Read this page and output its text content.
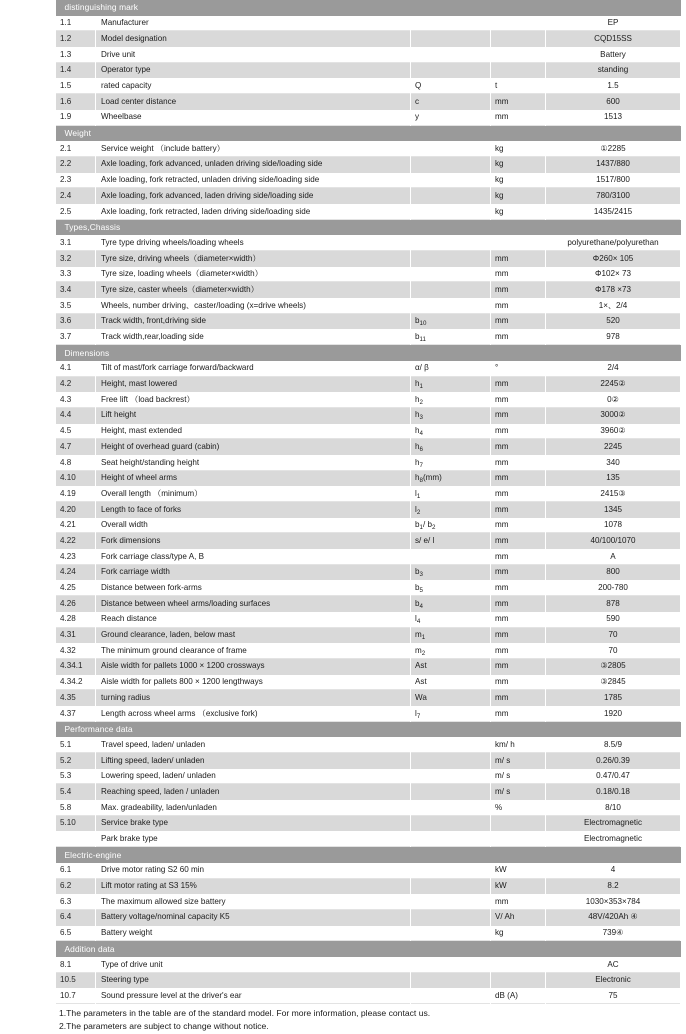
distinguishing mark				
1.1	Manufacturer			EP
1.2	Model designation			CQD15SS
1.3	Drive unit			Battery
1.4	Operator type			standing
1.5	rated capacity	Q	t	1.5
1.6	Load center distance	c	mm	600
1.9	Wheelbase	y	mm	1513
Weight				
2.1	Service weight （include battery）		kg	①2285
2.2	Axle loading, fork advanced, unladen driving side/loading side		kg	1437/880
2.3	Axle loading, fork retracted, unladen driving side/loading side		kg	1517/800
2.4	Axle loading, fork advanced, laden driving side/loading side		kg	780/3100
2.5	Axle loading, fork retracted, laden driving side/loading side		kg	1435/2415
Types,Chassis				
3.1	Tyre type driving wheels/loading wheels			polyurethane/polyurethan
3.2	Tyre size, driving wheels（diameter×width）		mm	Φ260× 105
3.3	Tyre size, loading wheels（diameter×width）		mm	Φ102× 73
3.4	Tyre size, caster wheels（diameter×width）		mm	Φ178 ×73
3.5	Wheels, number driving、caster/loading (x=drive wheels)		mm	1×、2/4
3.6	Track width, front,driving side	$b_{10}$	mm	520
3.7	Track width,rear,loading side	$b_{11}$	mm	978
Dimensions				
4.1	Tilt of mast/fork carriage forward/backward	α/ β	°	2/4
4.2	Height, mast lowered	$h_1$	mm	2245②
4.3	Free lift （load backrest）	$h_2$	mm	0②
4.4	Lift height	$h_3$	mm	3000②
4.5	Height, mast extended	$h_4$	mm	3960②
4.7	Height of overhead guard (cabin)	$h_6$	mm	2245
4.8	Seat height/standing height	$h_7$	mm	340
4.10	Height of wheel arms	$h_8(mm)$	mm	135
4.19	Overall length （minimum）	$l_1$	mm	2415③
4.20	Length to face of forks	$l_2$	mm	1345
4.21	Overall width	$b_1/$ $b_2$	mm	1078
4.22	Fork dimensions	s/ e/ l	mm	40/100/1070
4.23	Fork carriage class/type A, B		mm	A
4.24	Fork carriage width	$b_3$	mm	800
4.25	Distance between fork-arms	$b_5$	mm	200-780
4.26	Distance between wheel arms/loading surfaces	$b_4$	mm	878
4.28	Reach distance	$l_4$	mm	590
4.31	Ground clearance, laden, below mast	$m_1$	mm	70
4.32	The minimum ground clearance of frame	$m_2$	mm	70
4.34.1	Aisle width for pallets 1000 × 1200 crossways	Ast	mm	③2805
4.34.2	Aisle width for pallets 800 × 1200 lengthways	Ast	mm	③2845
4.35	turning radius	Wa	mm	1785
4.37	Length across wheel arms （exclusive fork)	$l_7$	mm	1920
Performance data				
5.1	Travel speed, laden/ unladen		km/ h	8.5/9
5.2	Lifting speed, laden/ unladen		m/ s	0.26/0.39
5.3	Lowering speed, laden/ unladen		m/ s	0.47/0.47
5.4	Reaching speed, laden / unladen		m/ s	0.18/0.18
5.8	Max. gradeability, laden/unladen		%	8/10
5.10	Service brake type			Electromagnetic
	Park brake type			Electromagnetic
Electric-engine				
6.1	Drive motor rating S2 60 min		kW	4
6.2	Lift motor rating at S3 15%		kW	8.2
6.3	The maximum allowed size battery		mm	1030×353×784
6.4	Battery voltage/nominal capacity K5		V/ Ah	48V/420Ah ④
6.5	Battery weight		kg	739④
Addition data				
8.1	Type of drive unit			AC
10.5	Steering type			Electronic
10.7	Sound pressure level at the driver's ear		dB (A)	75
1.The parameters in the table are of the standard model. For more information, please contact us.
2.The parameters are subject to change without notice.
